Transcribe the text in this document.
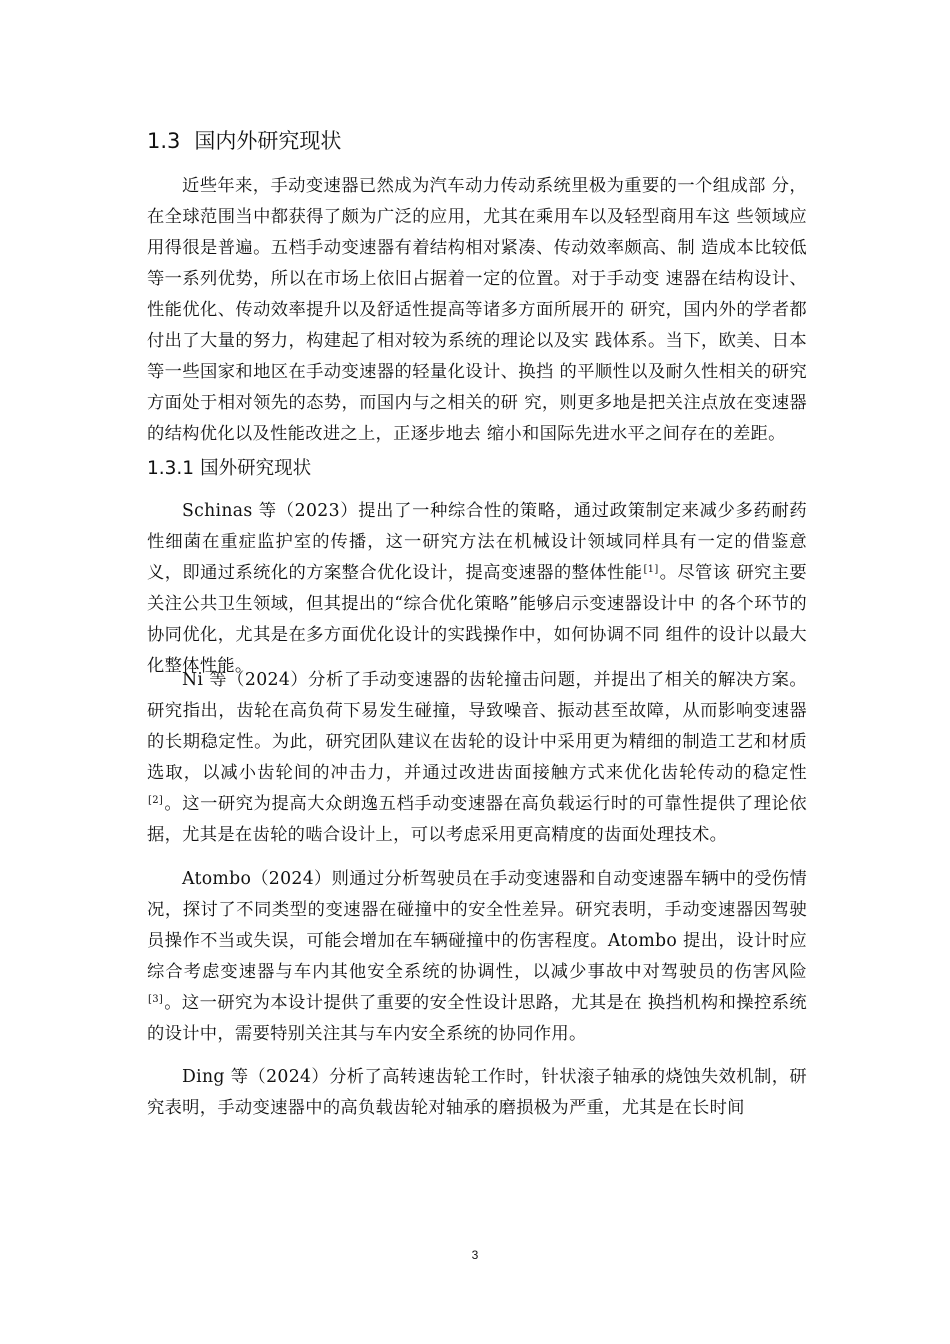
1.3 国内外研究现状

近些年来，手动变速器已然成为汽车动力传动系统里极为重要的一个组成部 分，在全球范围当中都获得了颇为广泛的应用，尤其在乘用车以及轻型商用车这 些领域应用得很是普遍。五档手动变速器有着结构相对紧凑、传动效率颇高、制 造成本比较低等一系列优势，所以在市场上依旧占据着一定的位置。对于手动变 速器在结构设计、性能优化、传动效率提升以及舒适性提高等诸多方面所展开的 研究，国内外的学者都付出了大量的努力，构建起了相对较为系统的理论以及实 践体系。当下，欧美、日本等一些国家和地区在手动变速器的轻量化设计、换挡 的平顺性以及耐久性相关的研究方面处于相对领先的态势，而国内与之相关的研 究，则更多地是把关注点放在变速器的结构优化以及性能改进之上，正逐步地去 缩小和国际先进水平之间存在的差距。

1.3.1 国外研究现状

Schinas 等（2023）提出了一种综合性的策略，通过政策制定来减少多药耐药性细菌在重症监护室的传播，这一研究方法在机械设计领域同样具有一定的借鉴意义，即通过系统化的方案整合优化设计，提高变速器的整体性能[1]。尽管该 研究主要关注公共卫生领域，但其提出的“综合优化策略”能够启示变速器设计中 的各个环节的协同优化，尤其是在多方面优化设计的实践操作中，如何协调不同 组件的设计以最大化整体性能。

Ni 等（2024）分析了手动变速器的齿轮撞击问题，并提出了相关的解决方案。研究指出，齿轮在高负荷下易发生碰撞，导致噪音、振动甚至故障，从而影响变速器的长期稳定性。为此，研究团队建议在齿轮的设计中采用更为精细的制造工艺和材质选取，以减小齿轮间的冲击力，并通过改进齿面接触方式来优化齿轮传动的稳定性[2]。这一研究为提高大众朗逸五档手动变速器在高负载运行时的可靠性提供了理论依据，尤其是在齿轮的啮合设计上，可以考虑采用更高精度的齿面处理技术。

Atombo（2024）则通过分析驾驶员在手动变速器和自动变速器车辆中的受伤情况，探讨了不同类型的变速器在碰撞中的安全性差异。研究表明，手动变速器因驾驶员操作不当或失误，可能会增加在车辆碰撞中的伤害程度。Atombo 提出，设计时应综合考虑变速器与车内其他安全系统的协调性，以减少事故中对驾驶员的伤害风险[3]。这一研究为本设计提供了重要的安全性设计思路，尤其是在 换挡机构和操控系统的设计中，需要特别关注其与车内安全系统的协同作用。

Ding 等（2024）分析了高转速齿轮工作时，针状滚子轴承的烧蚀失效机制，研究表明，手动变速器中的高负载齿轮对轴承的磨损极为严重，尤其是在长时间

3
